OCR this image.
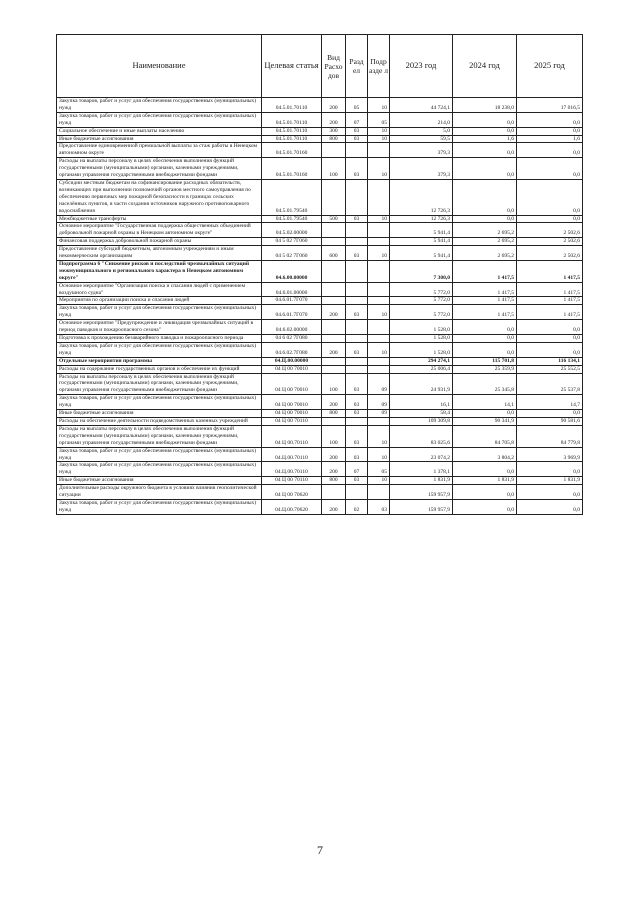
Наименование	Целевая статья	Вид Расхо дов	Разд ел	Подр азде л	2023 год	2024 год	2025 год
Закупка товаров, работ и услуг для обеспечения государственных (муниципальных) нужд	04.5.01.70110	200	05	10	44 724,1	18 238,0	17 016,5
Закупка товаров, работ и услуг для обеспечения государственных (муниципальных) нужд	04.5.01.70110	200	07	05	214,0	0,0	0,0
Социальное обеспечение и иные выплаты населению	04.5.01.70110	300	03	10	5,0	0,0	0,0
Иные бюджетные ассигнования	04.5.01.70110	800	03	10	59,5	1,6	1,6
Предоставление единовременной премиальной выплаты за стаж работы в Ненецком автономном округе	04.5.01.70160				379,3	0,0	0,0
Расходы на выплаты персоналу в целях обеспечения выполнения функций государственными (муниципальными) органами, казенными учреждениями, органами управления государственными внебюджетными фондами	04.5.01.70160	100	03	10	379,3	0,0	0,0
Субсидии местным бюджетам на софинансирование расходных обязательств, возникающих при выполнении полномочий органов местного самоуправления по обеспечению первичных мер пожарной безопасности в границах сельских населённых пунктов, в части создания источников наружного противопожарного водоснабжения	04.5.01.79540				12 726,3	0,0	0,0
Межбюджетные трансферты	04.5.01.79540	500	03	10	12 726,3	0,0	0,0
Основное мероприятие "Государственная поддержка общественных объединений добровольной пожарной охраны в Ненецком автономном округе"	04.5.02.00000				5 941,4	2 695,2	2 502,6
Финансовая поддержка добровольной пожарной охраны	04 5 02 7Г060				5 941,4	2 695,2	2 502,6
Предоставление субсидий бюджетным, автономным учреждениям и иным некоммерческим организациям	04 5 02 7Г060	600	03	10	5 941,4	2 695,2	2 502,6
Подпрограмма 6 "Снижение рисков и последствий чрезвычайных ситуаций межмуниципального и регионального характера в Ненецком автономном округе"	04.6.00.00000				7 300,0	1 417,5	1 417,5
Основное мероприятие "Организация поиска и спасания людей с применением воздушного судна"	04.6.01.00000				5 772,0	1 417,5	1 417,5
Мероприятия по организации поиска и спасания людей	04.6.01.7Г070				5 772,0	1 417,5	1 417,5
Закупка товаров, работ и услуг для обеспечения государственных (муниципальных) нужд	04.6.01.7Г070	200	03	10	5 772,0	1 417,5	1 417,5
Основное мероприятие "Предупреждение и ликвидация чрезвычайных ситуаций в период паводков и пожароопасного сезона"	04.6.02.00000				1 528,0	0,0	0,0
Подготовка к прохождению безаварийного паводка и пожароопасного периода	04 6 02 7Г080				1 528,0	0,0	0,0
Закупка товаров, работ и услуг для обеспечения государственных (муниципальных) нужд	04.6.02.7Г080	200	03	10	1 528,0	0,0	0,0
Отдельные мероприятия программы	04.Ц.00.00000				294 274,1	115 701,8	116 134,1
Расходы на содержание государственных органов и обеспечение их функций	04 Ц 00 70010				25 006,4	25 359,9	25 552,5
Расходы на выплаты персоналу в целях обеспечения выполнения функций государственными (муниципальными) органами, казенными учреждениями, органами управления государственными внебюджетными фондами	04 Ц 00 70010	100	03	09	24 931,9	25 345,8	25 537,8
Закупка товаров, работ и услуг для обеспечения государственных (муниципальных) нужд	04 Ц 00 70010	200	03	09	16,1	14,1	14,7
Иные бюджетные ассигнования	04 Ц 00 70010	800	03	09	58,4	0,0	0,0
Расходы на обеспечение деятельности подведомственных казенных учреждений	04 Ц 00 70110				109 309,8	90 341,9	90 581,6
Расходы на выплаты персоналу в целях обеспечения выполнения функций государственными (муниципальными) органами, казенными учреждениями, органами управления государственными внебюджетными фондами	04 Ц 00.70110	100	03	10	83 025,6	84 705,8	84 779,8
Закупка товаров, работ и услуг для обеспечения государственных (муниципальных) нужд	04.Ц.00.70110	200	03	10	23 074,2	3 804,2	3 969,9
Закупка товаров, работ и услуг для обеспечения государственных (муниципальных) нужд	04.Ц.00.70110	200	07	05	1 378,1	0,0	0,0
Иные бюджетные ассигнования	04 Ц 00 70110	800	03	10	1 831,9	1 831,9	1 831,9
Дополнительные расходы окружного бюджета в условиях влияния геополитической ситуации	04 Ц 00 70620				159 957,9	0,0	0,0
Закупка товаров, работ и услуг для обеспечения государственных (муниципальных) нужд	04.Ц.00.70620	200	02	03	159 957,9	0,0	0,0
7
